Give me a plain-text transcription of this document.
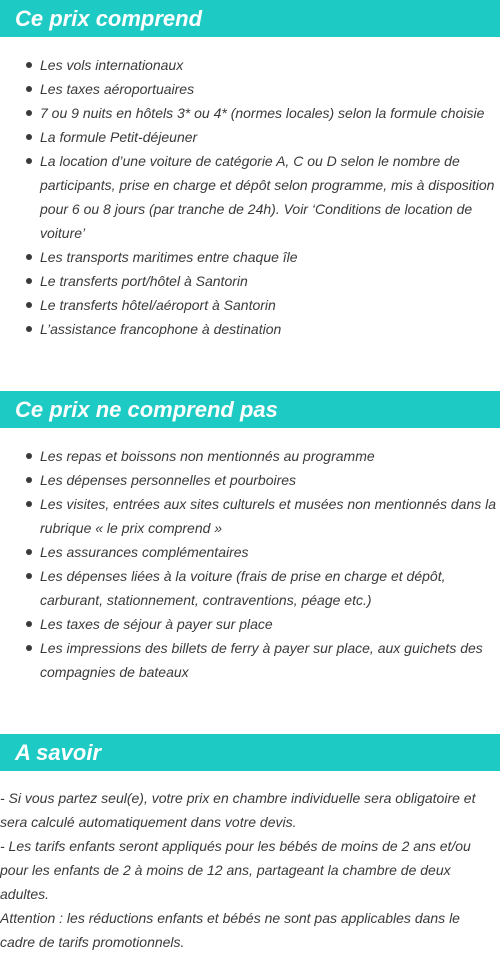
Ce prix comprend
Les vols internationaux
Les taxes aéroportuaires
7 ou 9 nuits en hôtels 3* ou 4* (normes locales) selon la formule choisie
La formule Petit-déjeuner
La location d’une voiture de catégorie A, C ou D selon le nombre de participants, prise en charge et dépôt selon programme, mis à disposition pour 6 ou 8 jours (par tranche de 24h). Voir ‘Conditions de location de voiture’
Les transports maritimes entre chaque île
Le transferts port/hôtel à Santorin
Le transferts hôtel/aéroport à Santorin
L’assistance francophone à destination
Ce prix ne comprend pas
Les repas et boissons non mentionnés au programme
Les dépenses personnelles et pourboires
Les visites, entrées aux sites culturels et musées non mentionnés dans la rubrique « le prix comprend »
Les assurances complémentaires
Les dépenses liées à la voiture (frais de prise en charge et dépôt, carburant, stationnement, contraventions, péage etc.)
Les taxes de séjour à payer sur place
Les impressions des billets de ferry à payer sur place, aux guichets des compagnies de bateaux
A savoir

- Si vous partez seul(e), votre prix en chambre individuelle sera obligatoire et sera calculé automatiquement dans votre devis.

- Les tarifs enfants seront appliqués pour les bébés de moins de 2 ans et/ou pour les enfants de 2 à moins de 12 ans, partageant la chambre de deux adultes.

Attention : les réductions enfants et bébés ne sont pas applicables dans le cadre de tarifs promotionnels.
